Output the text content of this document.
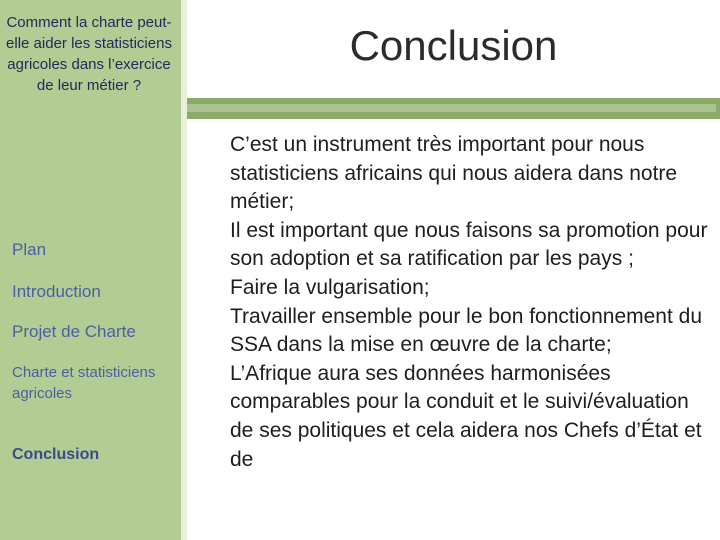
Comment la charte peut-elle aider les statisticiens agricoles dans l’exercice de leur métier ?
Plan
Introduction
Projet de Charte
Charte et statisticiens agricoles
Conclusion
Conclusion

C’est un instrument très important pour nous statisticiens africains qui nous aidera dans notre métier;

Il est important que nous faisons sa promotion pour son adoption et sa ratification par les pays ;

Faire la vulgarisation;

Travailler ensemble pour le bon fonctionnement du SSA dans la mise en œuvre de la charte;

L’Afrique aura ses données harmonisées comparables pour la conduit et le suivi/évaluation de ses politiques et cela aidera nos Chefs d’État et de
